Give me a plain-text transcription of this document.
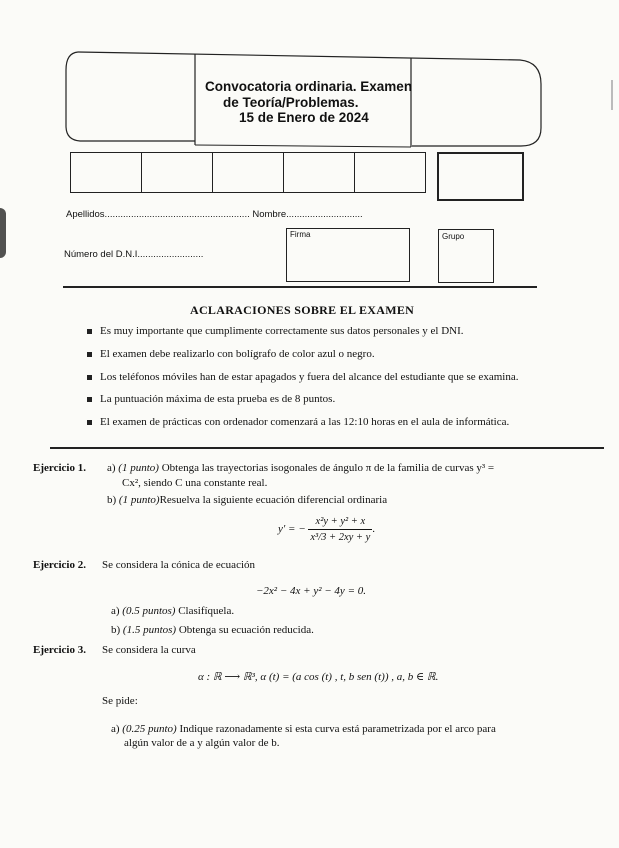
Convocatoria ordinaria. Examen
de Teoría/Problemas.
15 de Enero de 2024
Apellidos....................................................... Nombre.............................
Número del D.N.I.........................
Firma	Grupo
ACLARACIONES SOBRE EL EXAMEN
Es muy importante que cumplimente correctamente sus datos personales y el DNI.
El examen debe realizarlo con bolígrafo de color azul o negro.
Los teléfonos móviles han de estar apagados y fuera del alcance del estudiante que se examina.
La puntuación máxima de esta prueba es de 8 puntos.
El examen de prácticas con ordenador comenzará a las 12:10 horas en el aula de informática.
Ejercicio 1. a) (1 punto) Obtenga las trayectorias isogonales de ángulo π de la familia de curvas y³ =
Cx², siendo C una constante real.
b) (1 punto)Resuelva la siguiente ecuación diferencial ordinaria
y′ = − $\frac{\text{x²y + y² + x}}{\text{x³/3 + 2xy + y}}$ .
Ejercicio 2. Se considera la cónica de ecuación
−2x² − 4x + y² − 4y = 0.
a) (0.5 puntos) Clasifíquela.
b) (1.5 puntos) Obtenga su ecuación reducida.
Ejercicio 3. Se considera la curva
α : ℝ ⟶ ℝ³, α (t) = (a cos (t) , t, b sen (t)) , a, b ∈ ℝ.
Se pide:
a) (0.25 punto) Indique razonadamente si esta curva está parametrizada por el arco para
algún valor de a y algún valor de b.
